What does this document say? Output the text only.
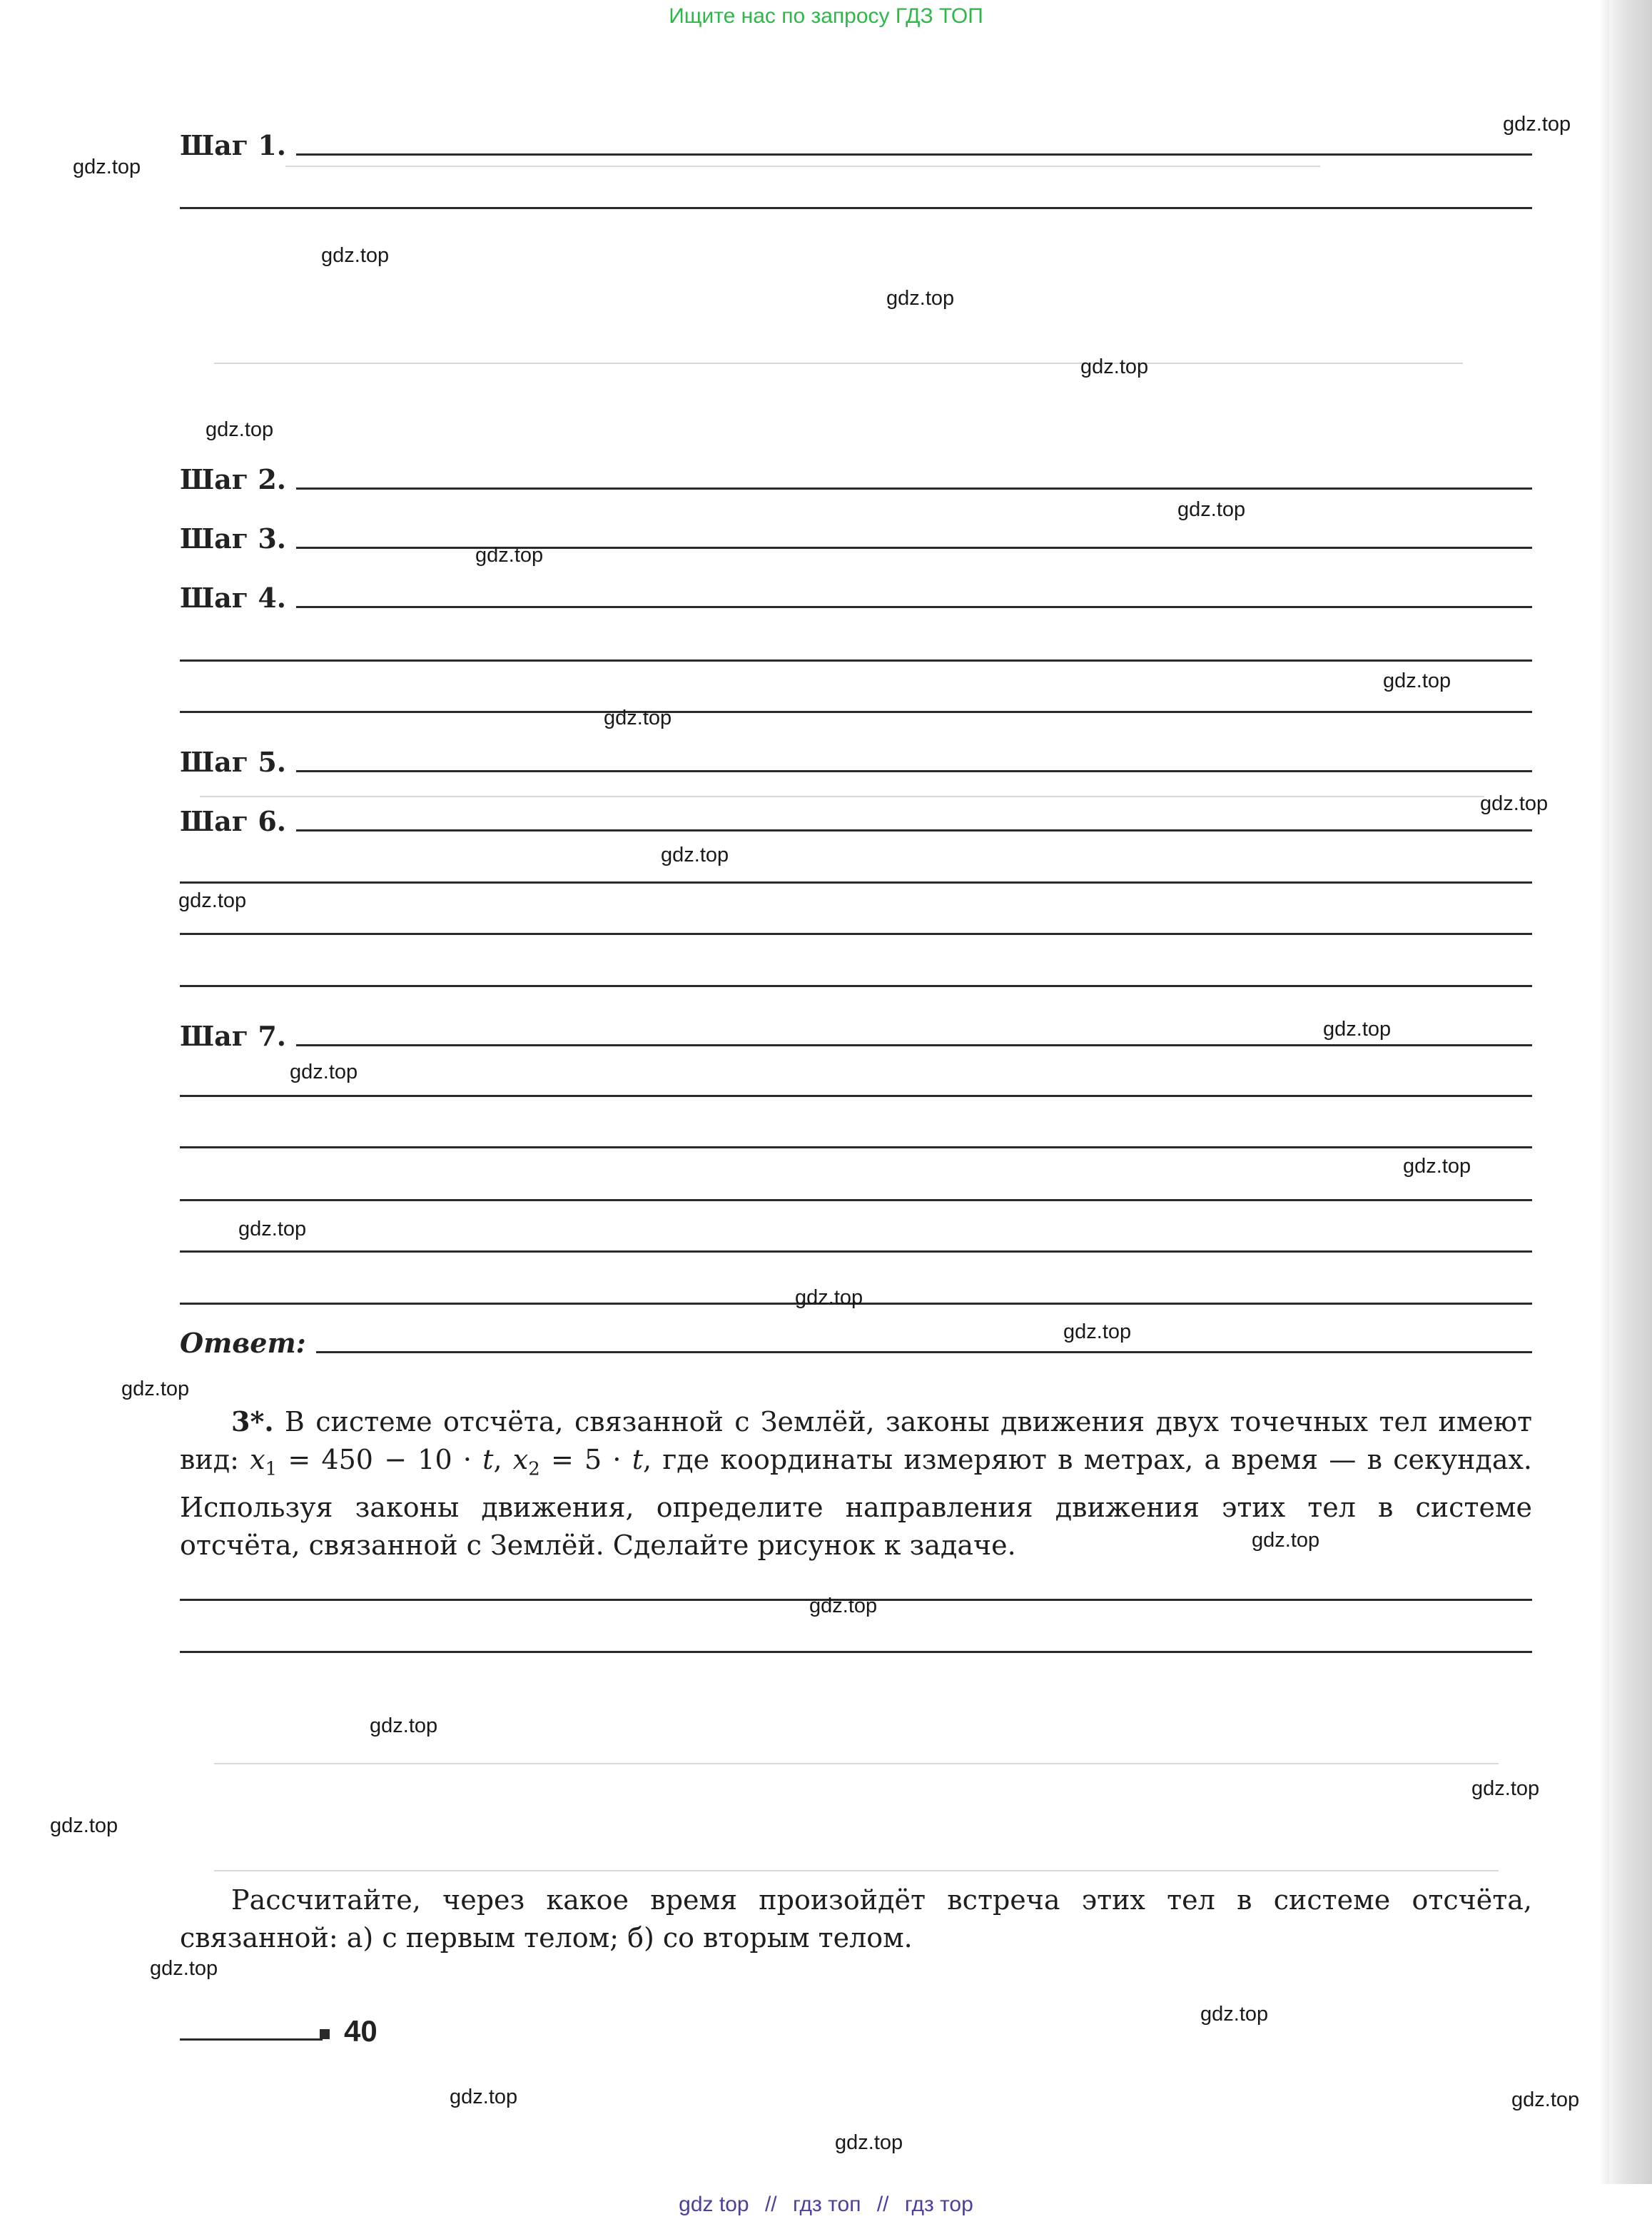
Ищите нас по запросу ГДЗ ТОП
Шаг 1.
Шаг 2.
Шаг 3.
Шаг 4.
Шаг 5.
Шаг 6.
Шаг 7.
Ответ:
3*. В системе отсчёта, связанной с Землёй, законы движения двух точечных тел имеют вид: $x_1 = 450 - 10 \cdot t$, $x_2 = 5 \cdot t$, где координаты измеряют в метрах, а время — в секундах. Используя законы движения, определите направления движения этих тел в системе отсчёта, связанной с Землёй. Сделайте рисунок к задаче.
Рассчитайте, через какое время произойдёт встреча этих тел в системе отсчёта, связанной: а) с первым телом; б) со вторым телом.
40
gdz.top
gdz.top
gdz.top
gdz.top
gdz.top
gdz.top
gdz.top
gdz.top
gdz.top
gdz.top
gdz.top
gdz.top
gdz.top
gdz.top
gdz.top
gdz.top
gdz.top
gdz.top
gdz.top
gdz.top
gdz.top
gdz.top
gdz.top
gdz.top
gdz.top
gdz.top
gdz.top
gdz.top
gdz.top
gdz.top
gdz top // гдз топ // гдз тор
